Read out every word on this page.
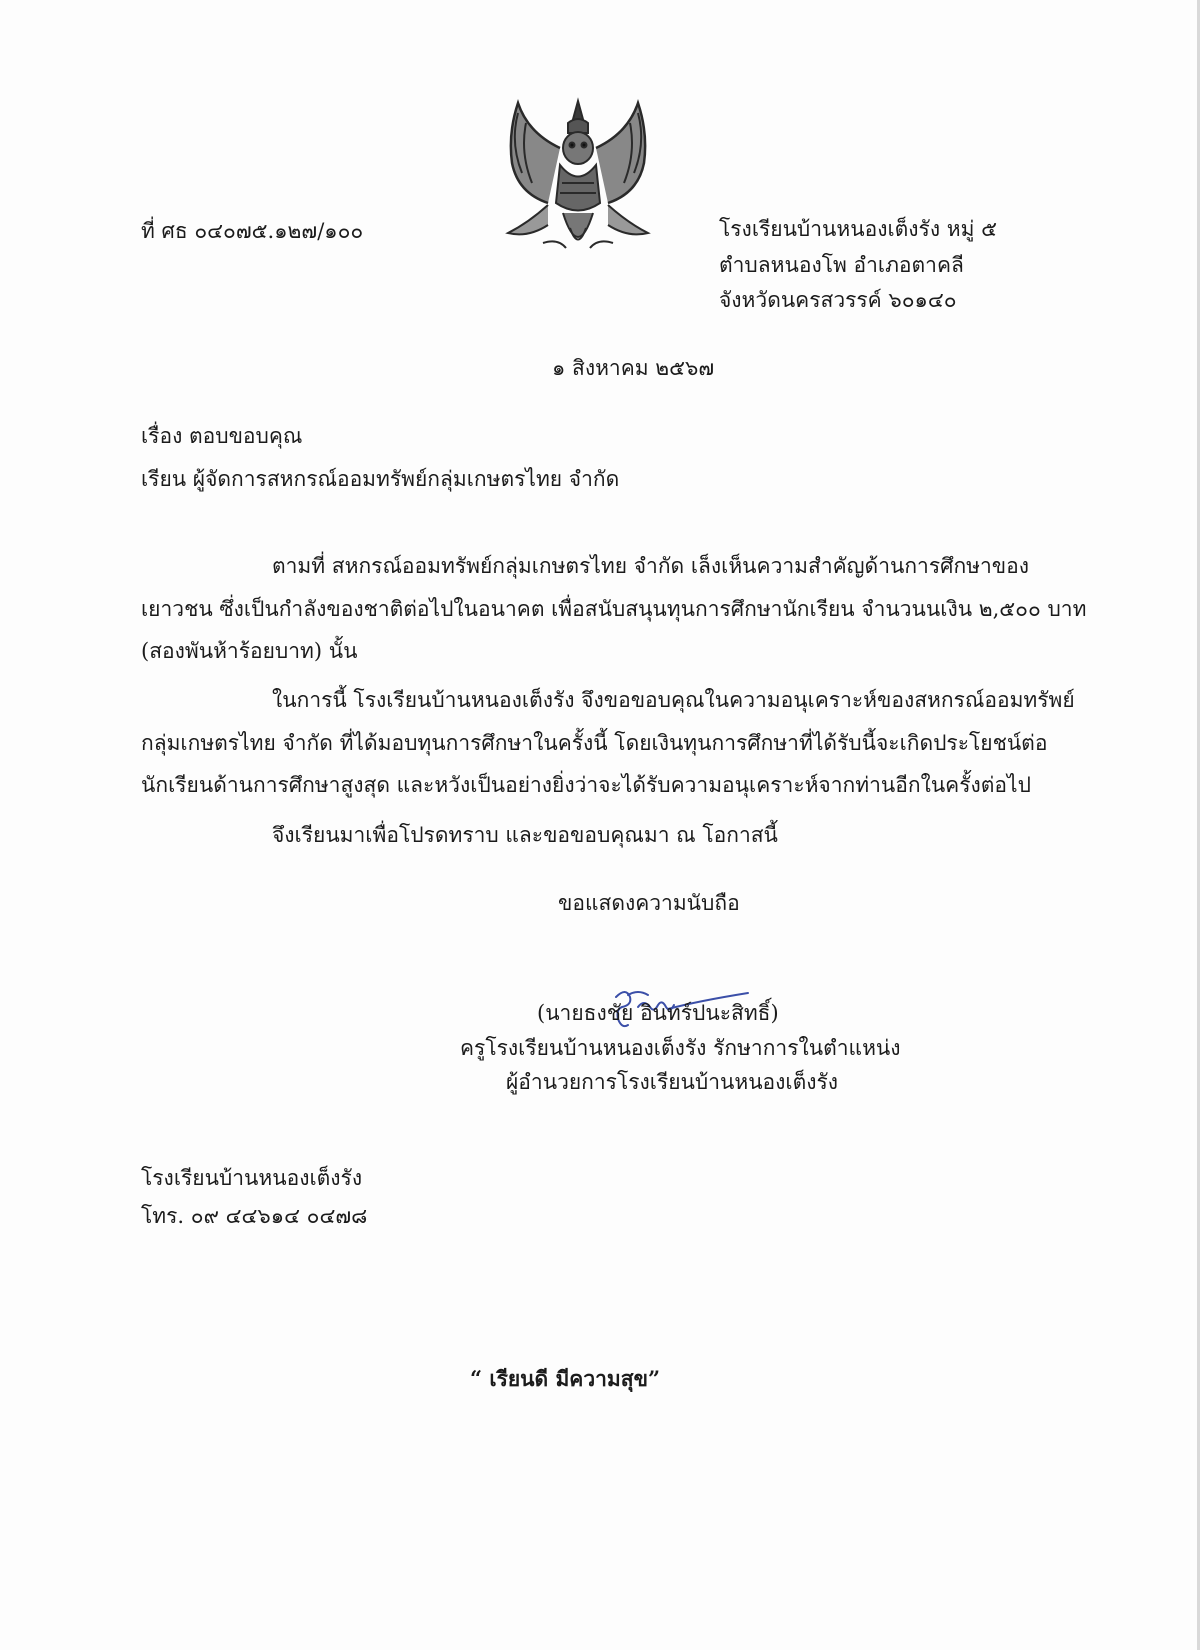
ที่ ศธ ๐๔๐๗๕.๑๒๗/๑๐๐	โรงเรียนบ้านหนองเต็งรัง หมู่ ๕
ตำบลหนองโพ อำเภอตาคลี
จังหวัดนครสวรรค์ ๖๐๑๔๐
๑ สิงหาคม ๒๕๖๗
เรื่อง ตอบขอบคุณ
เรียน ผู้จัดการสหกรณ์ออมทรัพย์กลุ่มเกษตรไทย จำกัด
ตามที่ สหกรณ์ออมทรัพย์กลุ่มเกษตรไทย จำกัด เล็งเห็นความสำคัญด้านการศึกษาของ
เยาวชน ซึ่งเป็นกำลังของชาติต่อไปในอนาคต เพื่อสนับสนุนทุนการศึกษานักเรียน จำนวนนเงิน ๒,๕๐๐ บาท
(สองพันห้าร้อยบาท) นั้น
ในการนี้ โรงเรียนบ้านหนองเต็งรัง จึงขอขอบคุณในความอนุเคราะห์ของสหกรณ์ออมทรัพย์
กลุ่มเกษตรไทย จำกัด ที่ได้มอบทุนการศึกษาในครั้งนี้ โดยเงินทุนการศึกษาที่ได้รับนี้จะเกิดประโยชน์ต่อ
นักเรียนด้านการศึกษาสูงสุด และหวังเป็นอย่างยิ่งว่าจะได้รับความอนุเคราะห์จากท่านอีกในครั้งต่อไป
จึงเรียนมาเพื่อโปรดทราบ และขอขอบคุณมา ณ โอกาสนี้
ขอแสดงความนับถือ
(นายธงชัย อินทร์ปนะสิทธิ์)
ครูโรงเรียนบ้านหนองเต็งรัง รักษาการในตำแหน่ง
ผู้อำนวยการโรงเรียนบ้านหนองเต็งรัง
โรงเรียนบ้านหนองเต็งรัง
โทร. ๐๙ ๔๔๖๑๔ ๐๔๗๘
“ เรียนดี มีความสุข”
